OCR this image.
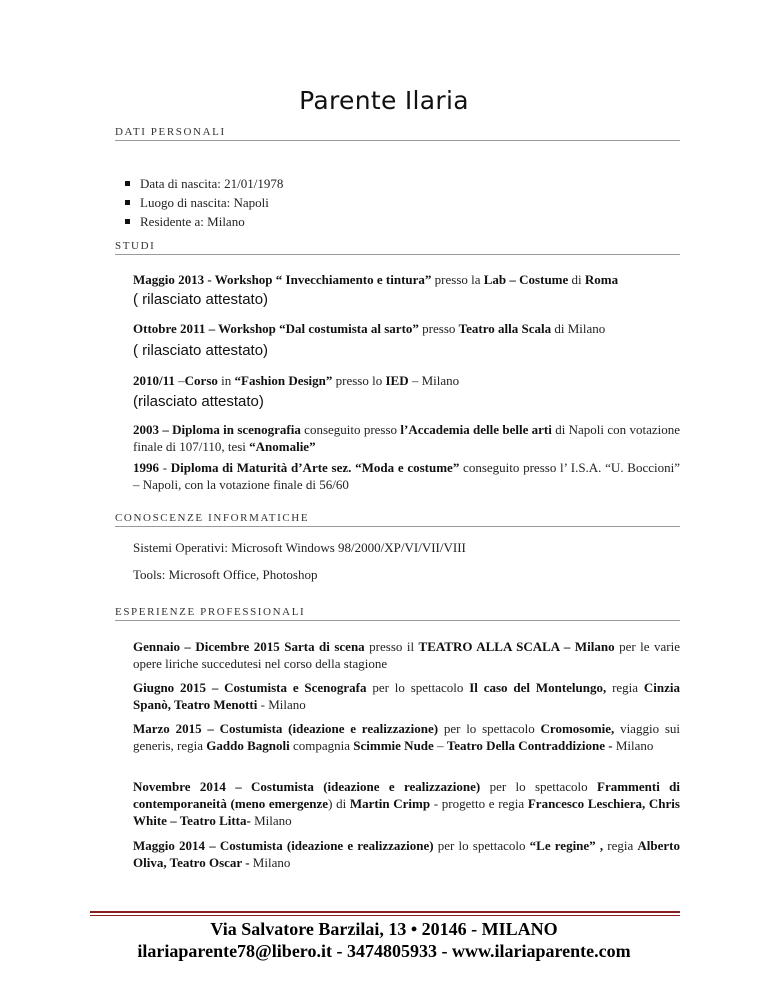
Parente Ilaria
DATI PERSONALI
Data di nascita: 21/01/1978
Luogo di nascita: Napoli
Residente a: Milano
STUDI
Maggio 2013 - Workshop “ Invecchiamento e tintura” presso la Lab – Costume di Roma
( rilasciato attestato)
Ottobre 2011 – Workshop “Dal costumista al sarto” presso Teatro alla Scala di Milano
( rilasciato attestato)
2010/11 –Corso in “Fashion Design” presso lo IED – Milano
(rilasciato attestato)
2003 – Diploma in scenografia conseguito presso l’Accademia delle belle arti di Napoli con votazione finale di 107/110, tesi “Anomalie”
1996 - Diploma di Maturità d’Arte sez. “Moda e costume” conseguito presso l’ I.S.A. “U. Boccioni” – Napoli, con la votazione finale di 56/60
CONOSCENZE INFORMATICHE
Sistemi Operativi: Microsoft Windows 98/2000/XP/VI/VII/VIII
Tools: Microsoft Office, Photoshop
ESPERIENZE PROFESSIONALI
Gennaio – Dicembre 2015 Sarta di scena presso il TEATRO ALLA SCALA – Milano per le varie opere liriche succedutesi nel corso della stagione
Giugno 2015 – Costumista e Scenografa per lo spettacolo Il caso del Montelungo, regia Cinzia Spanò, Teatro Menotti - Milano
Marzo 2015 – Costumista (ideazione e realizzazione) per lo spettacolo Cromosomie, viaggio sui generis, regia Gaddo Bagnoli compagnia Scimmie Nude – Teatro Della Contraddizione - Milano
Novembre 2014 – Costumista (ideazione e realizzazione) per lo spettacolo Frammenti di contemporaneità (meno emergenze) di Martin Crimp - progetto e regia Francesco Leschiera, Chris White – Teatro Litta- Milano
Maggio 2014 – Costumista (ideazione e realizzazione) per lo spettacolo “Le regine” , regia Alberto Oliva, Teatro Oscar - Milano
Via Salvatore Barzilai, 13 • 20146 - MILANO
ilariaparente78@libero.it - 3474805933 - www.ilariaparente.com
